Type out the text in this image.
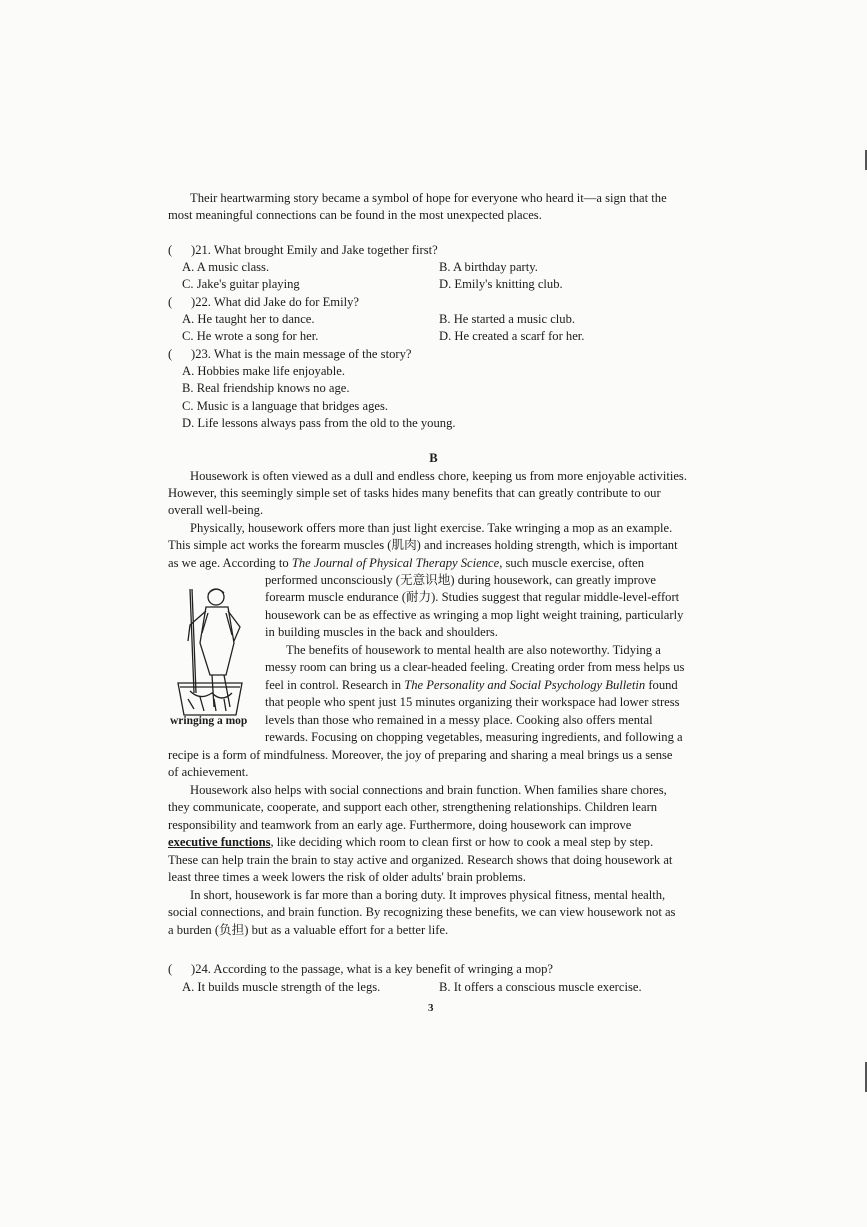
Their heartwarming story became a symbol of hope for everyone who heard it—a sign that the
most meaningful connections can be found in the most unexpected places.
( )21. What brought Emily and Jake together first?
A. A music class.	B. A birthday party.
C. Jake's guitar playing	D. Emily's knitting club.
( )22. What did Jake do for Emily?
A. He taught her to dance.	B. He started a music club.
C. He wrote a song for her.	D. He created a scarf for her.
( )23. What is the main message of the story?
A. Hobbies make life enjoyable.
B. Real friendship knows no age.
C. Music is a language that bridges ages.
D. Life lessons always pass from the old to the young.
B
Housework is often viewed as a dull and endless chore, keeping us from more enjoyable activities.
However, this seemingly simple set of tasks hides many benefits that can greatly contribute to our
overall well-being.
Physically, housework offers more than just light exercise. Take wringing a mop as an example.
This simple act works the forearm muscles (肌肉) and increases holding strength, which is important
as we age. According to The Journal of Physical Therapy Science, such muscle exercise, often
wringing a mop
performed unconsciously (无意识地) during housework, can greatly improve
forearm muscle endurance (耐力). Studies suggest that regular middle-level-effort
housework can be as effective as wringing a mop light weight training, particularly
in building muscles in the back and shoulders.
The benefits of housework to mental health are also noteworthy. Tidying a
messy room can bring us a clear-headed feeling. Creating order from mess helps us
feel in control. Research in The Personality and Social Psychology Bulletin found
that people who spent just 15 minutes organizing their workspace had lower stress
levels than those who remained in a messy place. Cooking also offers mental
rewards. Focusing on chopping vegetables, measuring ingredients, and following a
recipe is a form of mindfulness. Moreover, the joy of preparing and sharing a meal brings us a sense
of achievement.
Housework also helps with social connections and brain function. When families share chores,
they communicate, cooperate, and support each other, strengthening relationships. Children learn
responsibility and teamwork from an early age. Furthermore, doing housework can improve
executive functions, like deciding which room to clean first or how to cook a meal step by step.
These can help train the brain to stay active and organized. Research shows that doing housework at
least three times a week lowers the risk of older adults' brain problems.
In short, housework is far more than a boring duty. It improves physical fitness, mental health,
social connections, and brain function. By recognizing these benefits, we can view housework not as
a burden (负担) but as a valuable effort for a better life.
( )24. According to the passage, what is a key benefit of wringing a mop?
A. It builds muscle strength of the legs.	B. It offers a conscious muscle exercise.
3
